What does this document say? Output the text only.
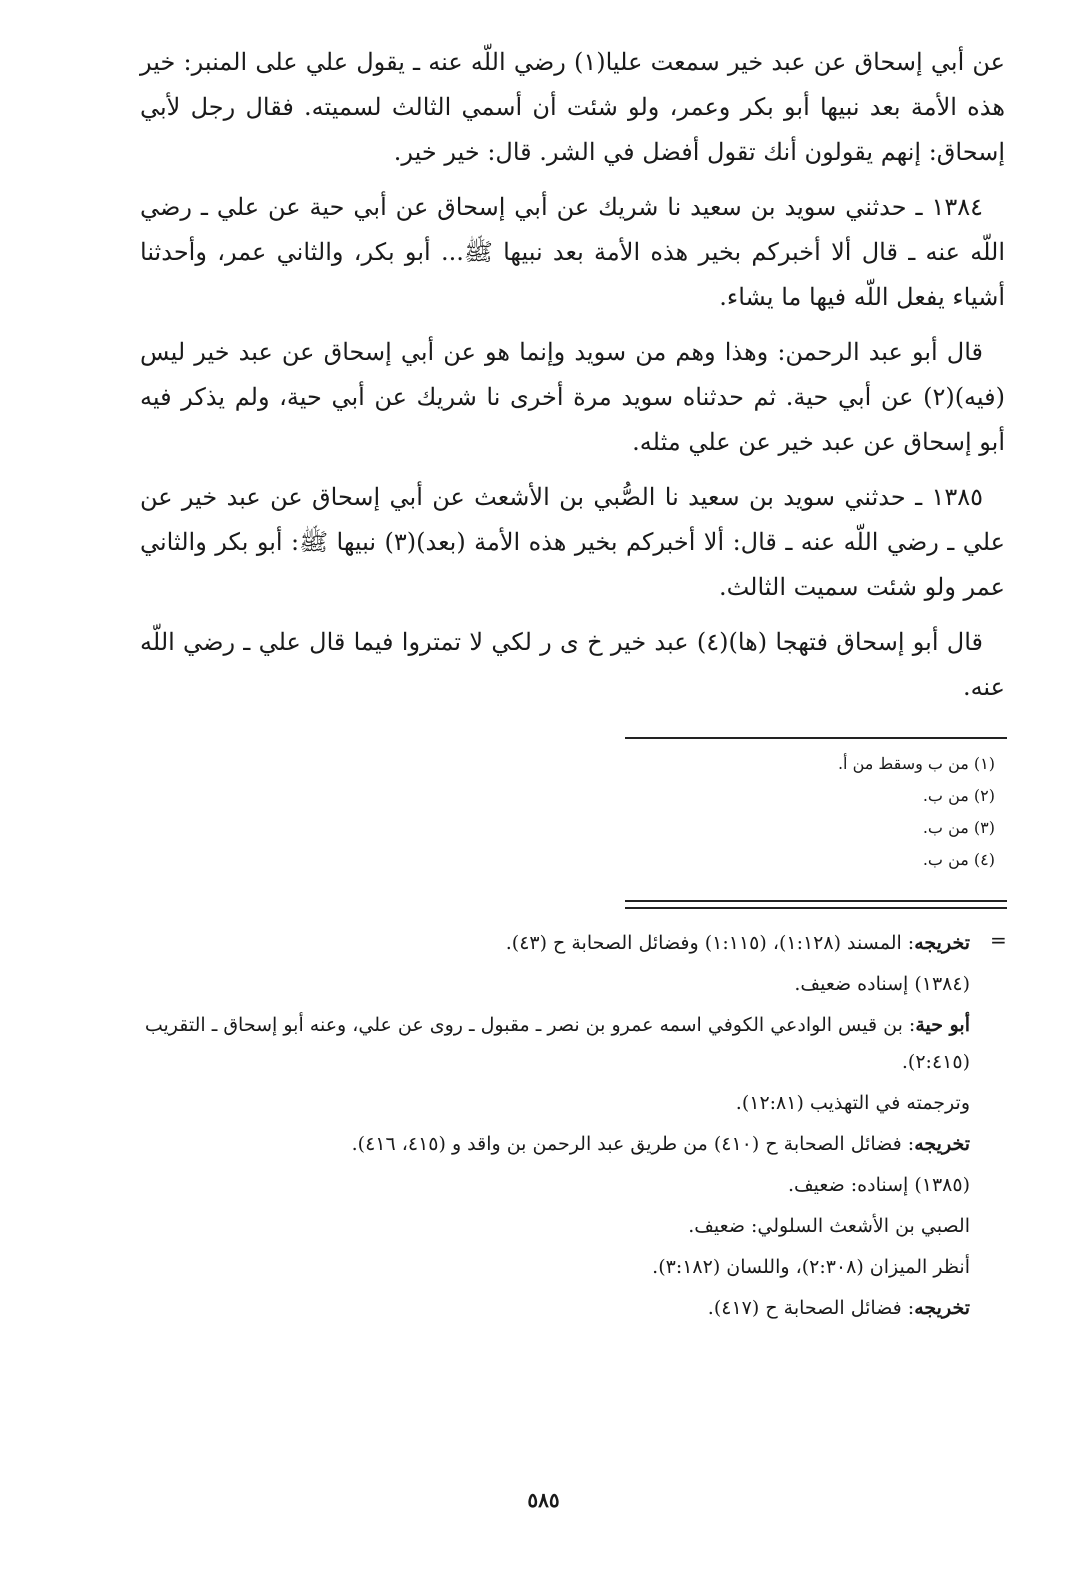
عن أبي إسحاق عن عبد خير سمعت عليا(١) رضي اللّه عنه ـ يقول علي على المنبر: خير هذه الأمة بعد نبيها أبو بكر وعمر، ولو شئت أن أسمي الثالث لسميته. فقال رجل لأبي إسحاق: إنهم يقولون أنك تقول أفضل في الشر. قال: خير خير.

١٣٨٤ ـ حدثني سويد بن سعيد نا شريك عن أبي إسحاق عن أبي حية عن علي ـ رضي اللّه عنه ـ قال ألا أخبركم بخير هذه الأمة بعد نبيها ﷺ... أبو بكر، والثاني عمر، وأحدثنا أشياء يفعل اللّه فيها ما يشاء.

قال أبو عبد الرحمن: وهذا وهم من سويد وإنما هو عن أبي إسحاق عن عبد خير ليس (فيه)(٢) عن أبي حية. ثم حدثناه سويد مرة أخرى نا شريك عن أبي حية، ولم يذكر فيه أبو إسحاق عن عبد خير عن علي مثله.

١٣٨٥ ـ حدثني سويد بن سعيد نا الصُّبي بن الأشعث عن أبي إسحاق عن عبد خير عن علي ـ رضي اللّه عنه ـ قال: ألا أخبركم بخير هذه الأمة (بعد)(٣) نبيها ﷺ: أبو بكر والثاني عمر ولو شئت سميت الثالث.

قال أبو إسحاق فتهجا (ها)(٤) عبد خير خ ى ر لكي لا تمتروا فيما قال علي ـ رضي اللّه عنه.

(١) من ب وسقط من أ.
(٢) من ب.
(٣) من ب.
(٤) من ب.
=
تخريجه: المسند (١:١٢٨)، (١:١١٥) وفضائل الصحابة ح (٤٣).
(١٣٨٤) إسناده ضعيف.
أبو حية: بن قيس الوادعي الكوفي اسمه عمرو بن نصر ـ مقبول ـ روى عن علي، وعنه أبو إسحاق ـ التقريب (٢:٤١٥).
وترجمته في التهذيب (١٢:٨١).
تخريجه: فضائل الصحابة ح (٤١٠) من طريق عبد الرحمن بن واقد و (٤١٥، ٤١٦).
(١٣٨٥) إسناده: ضعيف.
الصبي بن الأشعث السلولي: ضعيف.
أنظر الميزان (٢:٣٠٨)، واللسان (٣:١٨٢).
تخريجه: فضائل الصحابة ح (٤١٧).
٥٨٥
